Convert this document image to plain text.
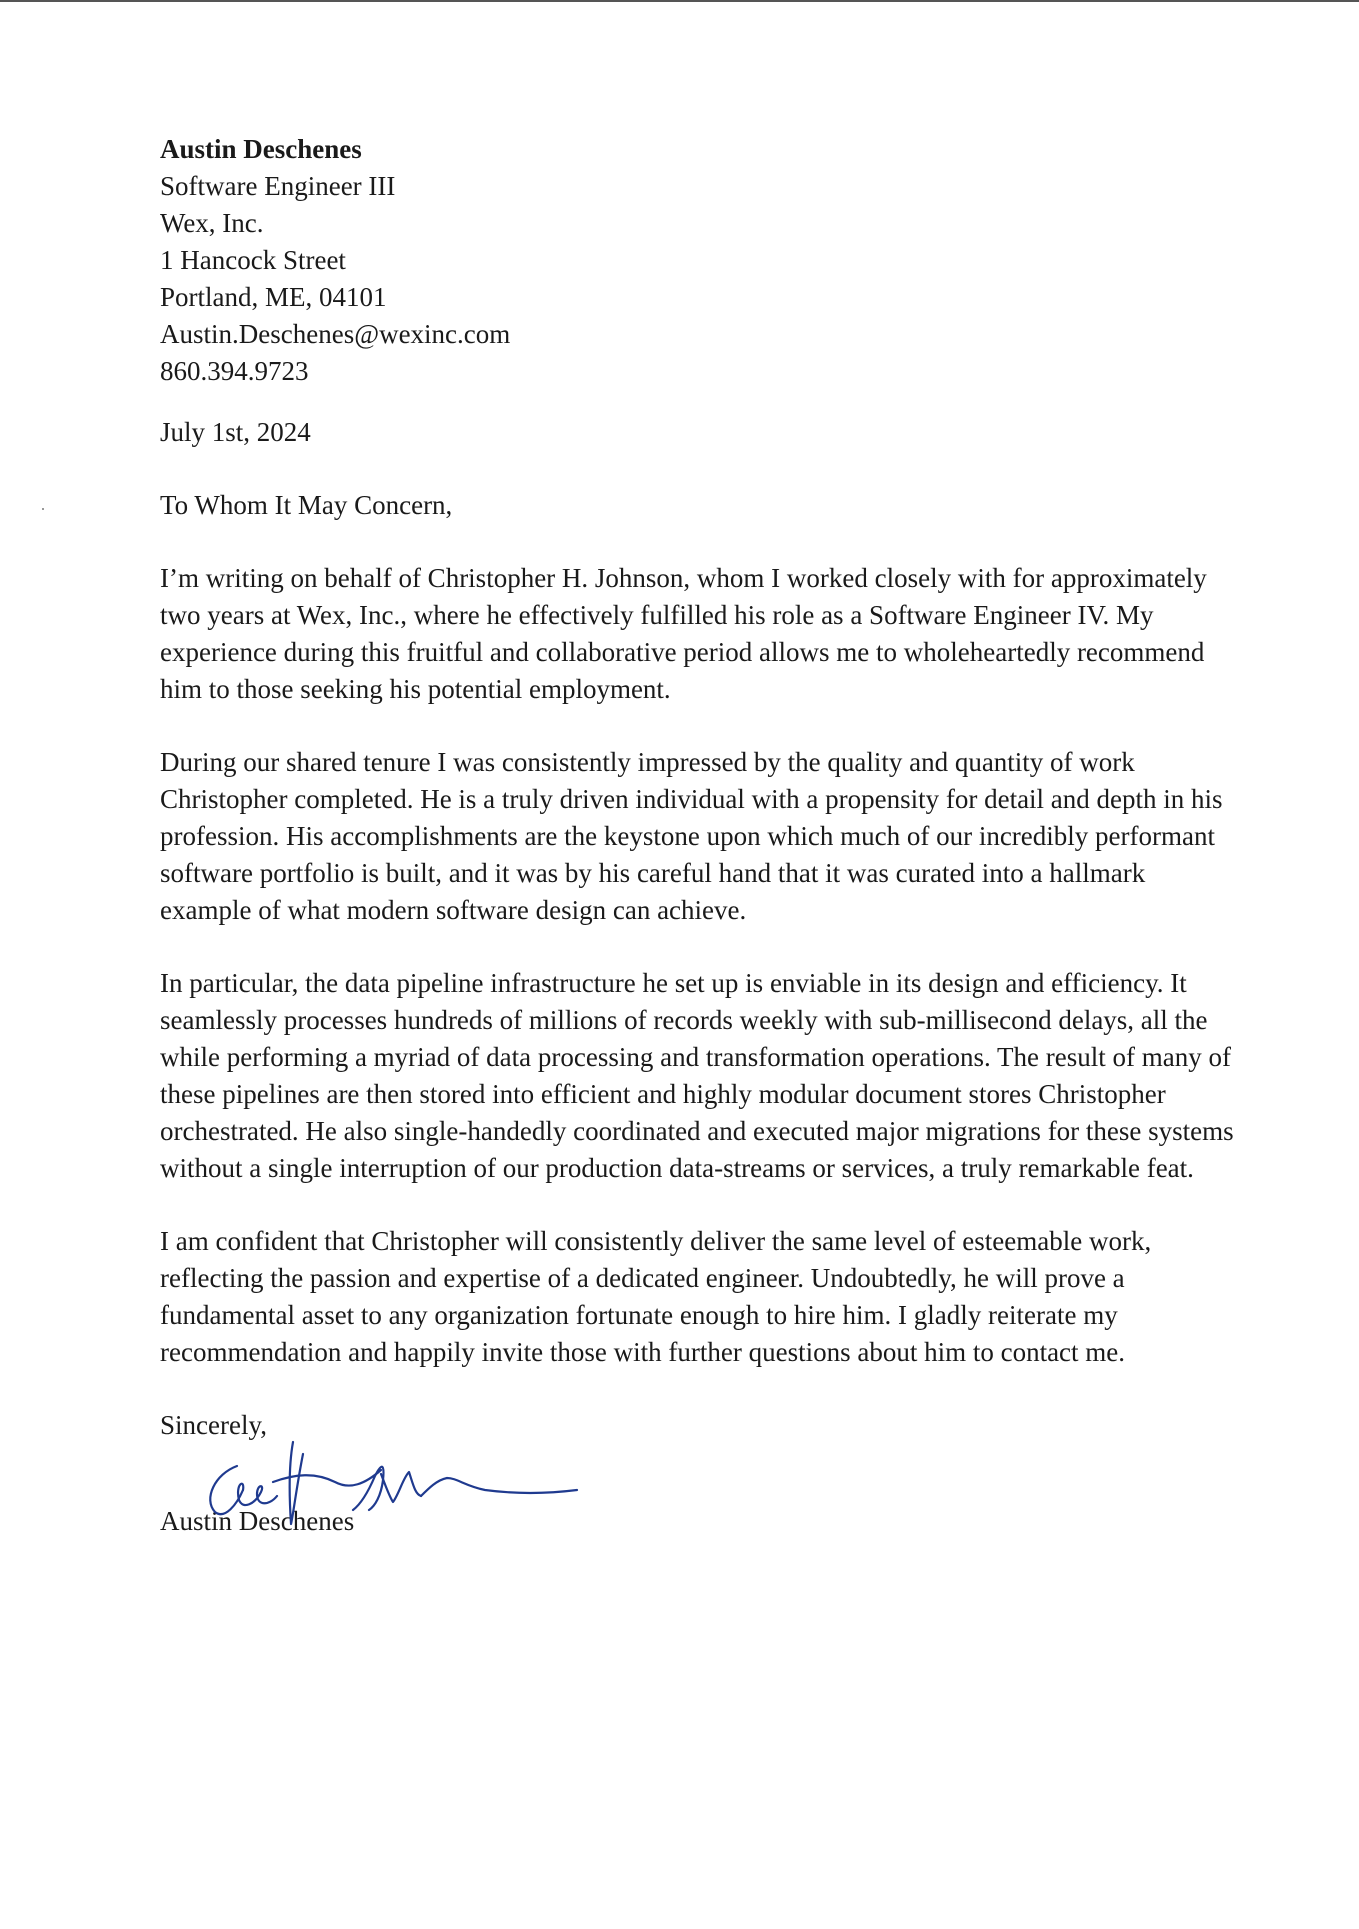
Austin Deschenes
Software Engineer III
Wex, Inc.
1 Hancock Street
Portland, ME, 04101
Austin.Deschenes@wexinc.com
860.394.9723
July 1st, 2024
To Whom It May Concern,

I’m writing on behalf of Christopher H. Johnson, whom I worked closely with for approximately two years at Wex, Inc., where he effectively fulfilled his role as a Software Engineer IV. My experience during this fruitful and collaborative period allows me to wholeheartedly recommend him to those seeking his potential employment.

During our shared tenure I was consistently impressed by the quality and quantity of work Christopher completed. He is a truly driven individual with a propensity for detail and depth in his profession. His accomplishments are the keystone upon which much of our incredibly performant software portfolio is built, and it was by his careful hand that it was curated into a hallmark example of what modern software design can achieve.

In particular, the data pipeline infrastructure he set up is enviable in its design and efficiency. It seamlessly processes hundreds of millions of records weekly with sub-millisecond delays, all the while performing a myriad of data processing and transformation operations. The result of many of these pipelines are then stored into efficient and highly modular document stores Christopher orchestrated. He also single-handedly coordinated and executed major migrations for these systems without a single interruption of our production data-streams or services, a truly remarkable feat.

I am confident that Christopher will consistently deliver the same level of esteemable work, reflecting the passion and expertise of a dedicated engineer. Undoubtedly, he will prove a fundamental asset to any organization fortunate enough to hire him. I gladly reiterate my recommendation and happily invite those with further questions about him to contact me.

Sincerely,
Austin Deschenes
